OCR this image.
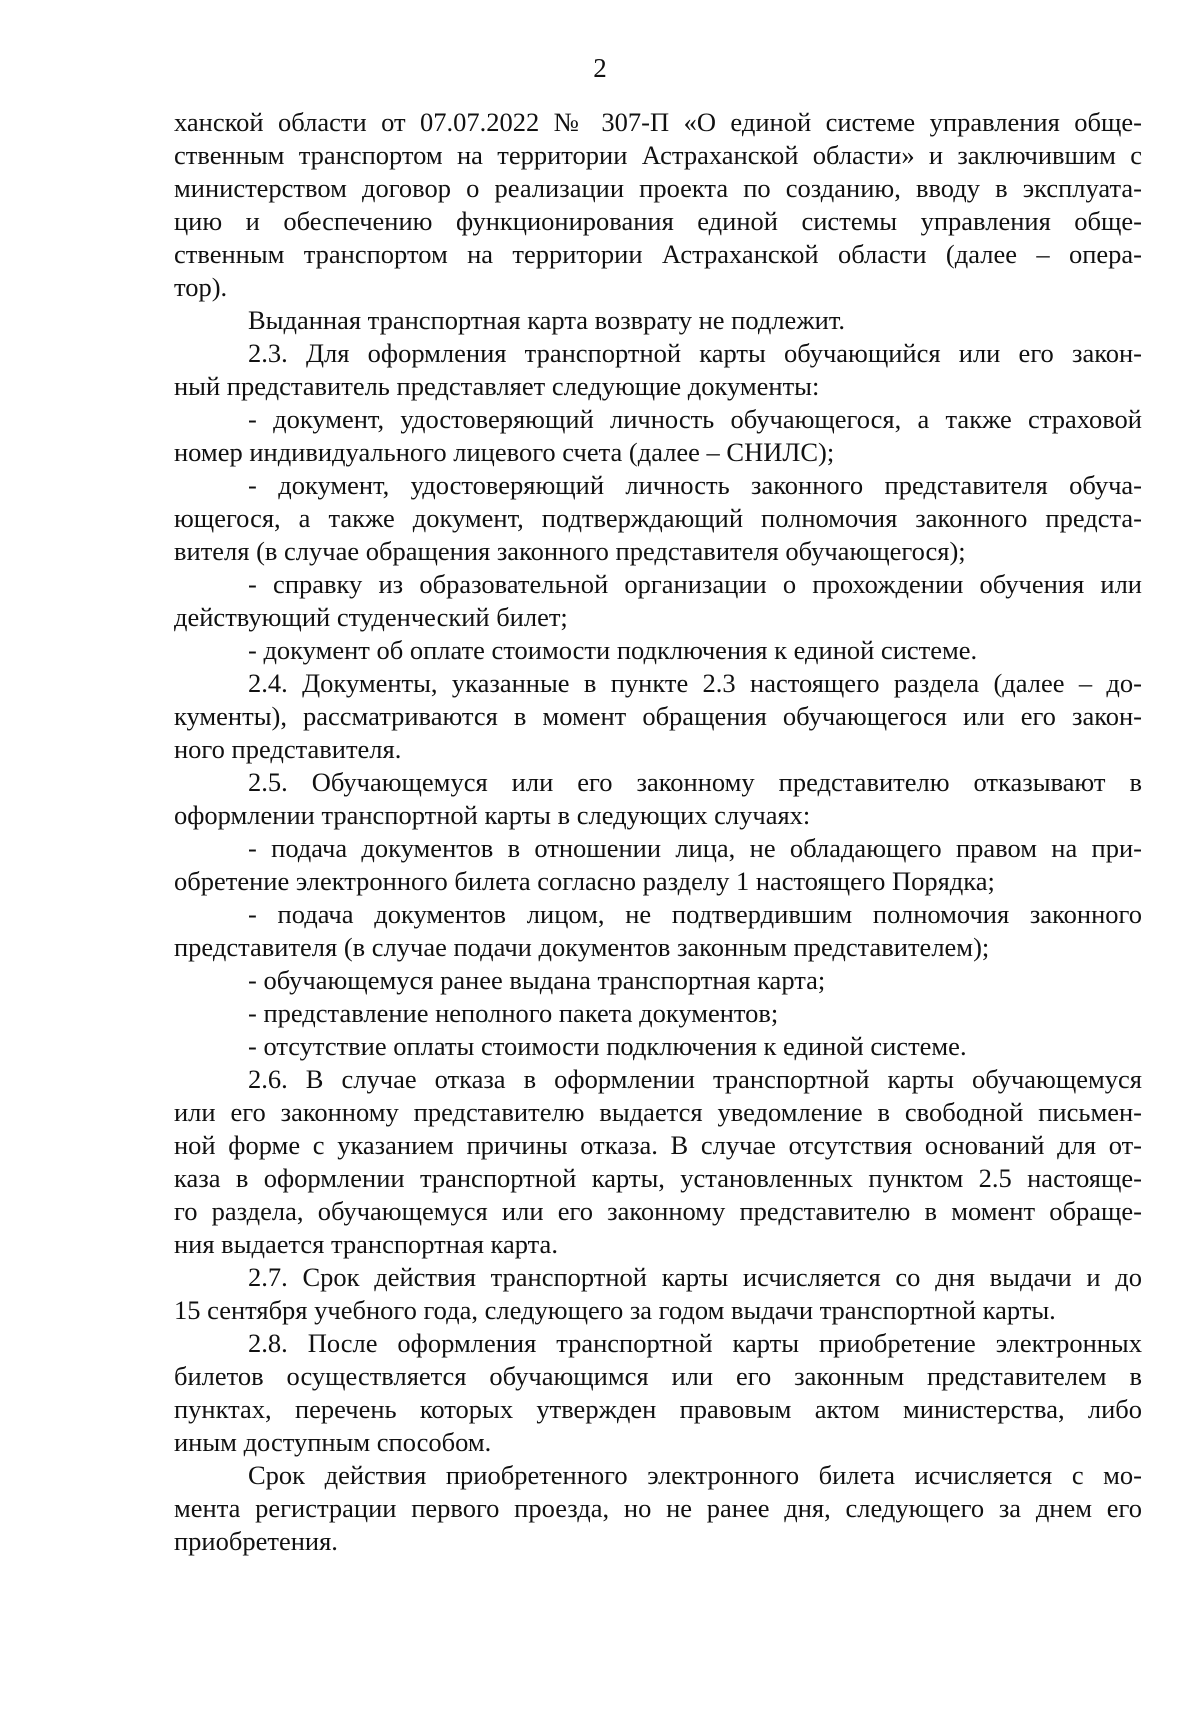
2
ханской области от 07.07.2022 № 307-П «О единой системе управления обще-
ственным транспортом на территории Астраханской области» и заключившим с
министерством договор о реализации проекта по созданию, вводу в эксплуата-
цию и обеспечению функционирования единой системы управления обще-
ственным транспортом на территории Астраханской области (далее – опера-
тор).
Выданная транспортная карта возврату не подлежит.
2.3. Для оформления транспортной карты обучающийся или его закон-
ный представитель представляет следующие документы:
- документ, удостоверяющий личность обучающегося, а также страховой
номер индивидуального лицевого счета (далее – СНИЛС);
- документ, удостоверяющий личность законного представителя обуча-
ющегося, а также документ, подтверждающий полномочия законного предста-
вителя (в случае обращения законного представителя обучающегося);
- справку из образовательной организации о прохождении обучения или
действующий студенческий билет;
- документ об оплате стоимости подключения к единой системе.
2.4. Документы, указанные в пункте 2.3 настоящего раздела (далее – до-
кументы), рассматриваются в момент обращения обучающегося или его закон-
ного представителя.
2.5. Обучающемуся или его законному представителю отказывают в
оформлении транспортной карты в следующих случаях:
- подача документов в отношении лица, не обладающего правом на при-
обретение электронного билета согласно разделу 1 настоящего Порядка;
- подача документов лицом, не подтвердившим полномочия законного
представителя (в случае подачи документов законным представителем);
- обучающемуся ранее выдана транспортная карта;
- представление неполного пакета документов;
- отсутствие оплаты стоимости подключения к единой системе.
2.6. В случае отказа в оформлении транспортной карты обучающемуся
или его законному представителю выдается уведомление в свободной письмен-
ной форме с указанием причины отказа. В случае отсутствия оснований для от-
каза в оформлении транспортной карты, установленных пунктом 2.5 настояще-
го раздела, обучающемуся или его законному представителю в момент обраще-
ния выдается транспортная карта.
2.7. Срок действия транспортной карты исчисляется со дня выдачи и до
15 сентября учебного года, следующего за годом выдачи транспортной карты.
2.8. После оформления транспортной карты приобретение электронных
билетов осуществляется обучающимся или его законным представителем в
пунктах, перечень которых утвержден правовым актом министерства, либо
иным доступным способом.
Срок действия приобретенного электронного билета исчисляется с мо-
мента регистрации первого проезда, но не ранее дня, следующего за днем его
приобретения.
